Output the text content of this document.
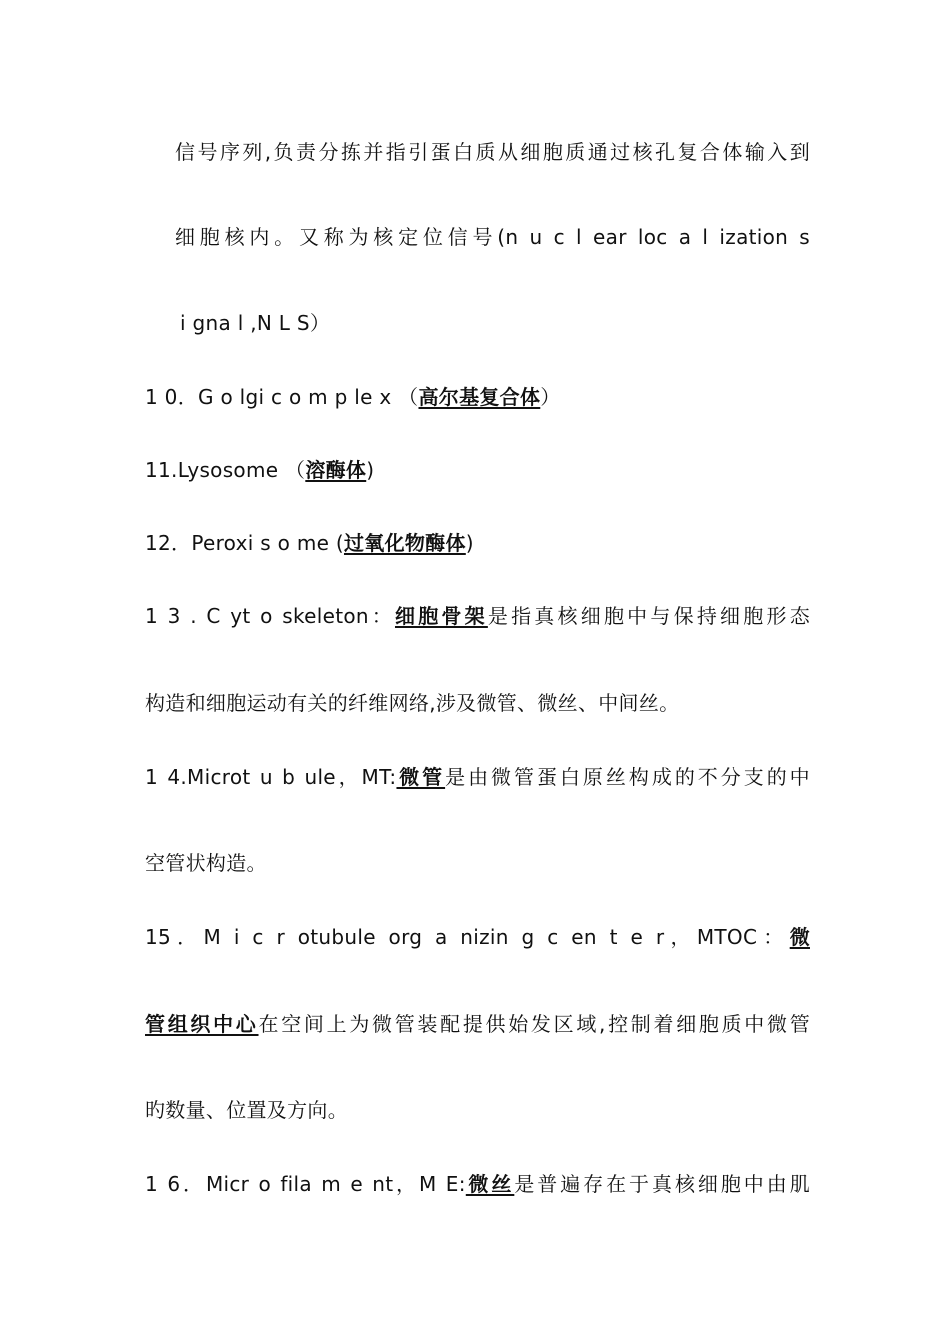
信号序列,负责分拣并指引蛋白质从细胞质通过核孔复合体输入到
细胞核内。又称为核定位信号(n u c l ear loc a l ization s
i gna l ,N L S）
1 0．G o lgi c o m p le x （高尔基复合体）
11.Lysosome （溶酶体)
12．Peroxi s o me (过氧化物酶体)
1 3 . C yt o skeleton：细胞骨架是指真核细胞中与保持细胞形态
构造和细胞运动有关的纤维网络,涉及微管、微丝、中间丝。
1 4.Microt u b ule，MT:微管是由微管蛋白原丝构成的不分支的中
空管状构造。
15．M i c r otubule org a nizin g c en t e r，MTOC：微
管组织中心在空间上为微管装配提供始发区域,控制着细胞质中微管
旳数量、位置及方向。
1 6．Micr o fila m e nt，M E:微丝是普遍存在于真核细胞中由肌
